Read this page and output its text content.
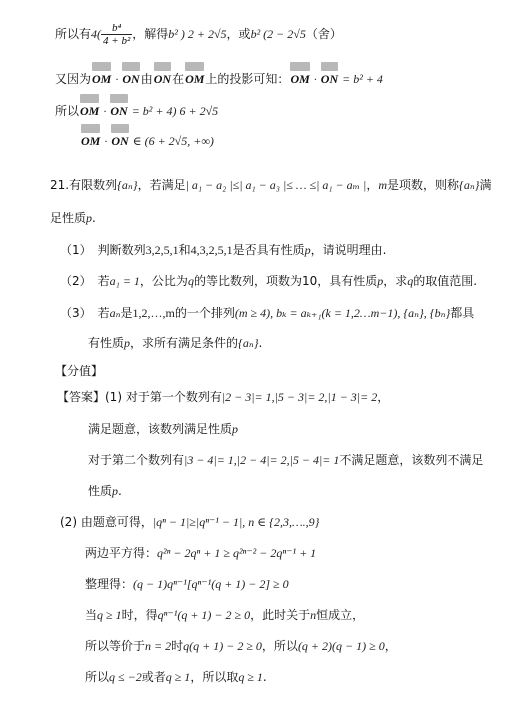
所以有$4( \frac{\text{b⁴}}{\text{4 + b²}}$ ，解得b² ) 2 + 2√5，或b² (2 − 2√5（舍）
又因为OM · ON由ON在OM上的投影可知：OM · ON = b² + 4
所以OM · ON = b² + 4) 6 + 2√5
OM · ON ∈ (6 + 2√5, +∞)
21.有限数列{aₙ}，若满足| a₁ − a₂ |≤| a₁ − a₃ |≤ … ≤| a₁ − aₘ |，m是项数，则称{aₙ}满
足性质p.
（1）　判断数列3,2,5,1和4,3,2,5,1是否具有性质p，请说明理由.
（2）　若a₁ = 1，公比为q的等比数列，项数为10，具有性质p，求q的取值范围.
（3）　若aₙ是1,2,…,m的一个排列(m ≥ 4), bₖ = aₖ₊₁(k = 1,2…m−1), {aₙ}, {bₙ}都具
有性质p，求所有满足条件的{aₙ}.
【分值】
【答案】(1) 对于第一个数列有|2 − 3|= 1,|5 − 3|= 2,|1 − 3|= 2，
满足题意，该数列满足性质p
对于第二个数列有|3 − 4|= 1,|2 − 4|= 2,|5 − 4|= 1不满足题意，该数列不满足
性质p.
(2) 由题意可得，|qⁿ − 1|≥|qⁿ⁻¹ − 1|, n ∈ {2,3,….,9}
两边平方得：q²ⁿ − 2qⁿ + 1 ≥ q²ⁿ⁻² − 2qⁿ⁻¹ + 1
整理得：(q − 1)qⁿ⁻¹[qⁿ⁻¹(q + 1) − 2] ≥ 0
当q ≥ 1时，得qⁿ⁻¹(q + 1) − 2 ≥ 0，此时关于n恒成立，
所以等价于n = 2时q(q + 1) − 2 ≥ 0，所以(q + 2)(q − 1) ≥ 0，
所以q ≤ −2或者q ≥ 1，所以取q ≥ 1.
